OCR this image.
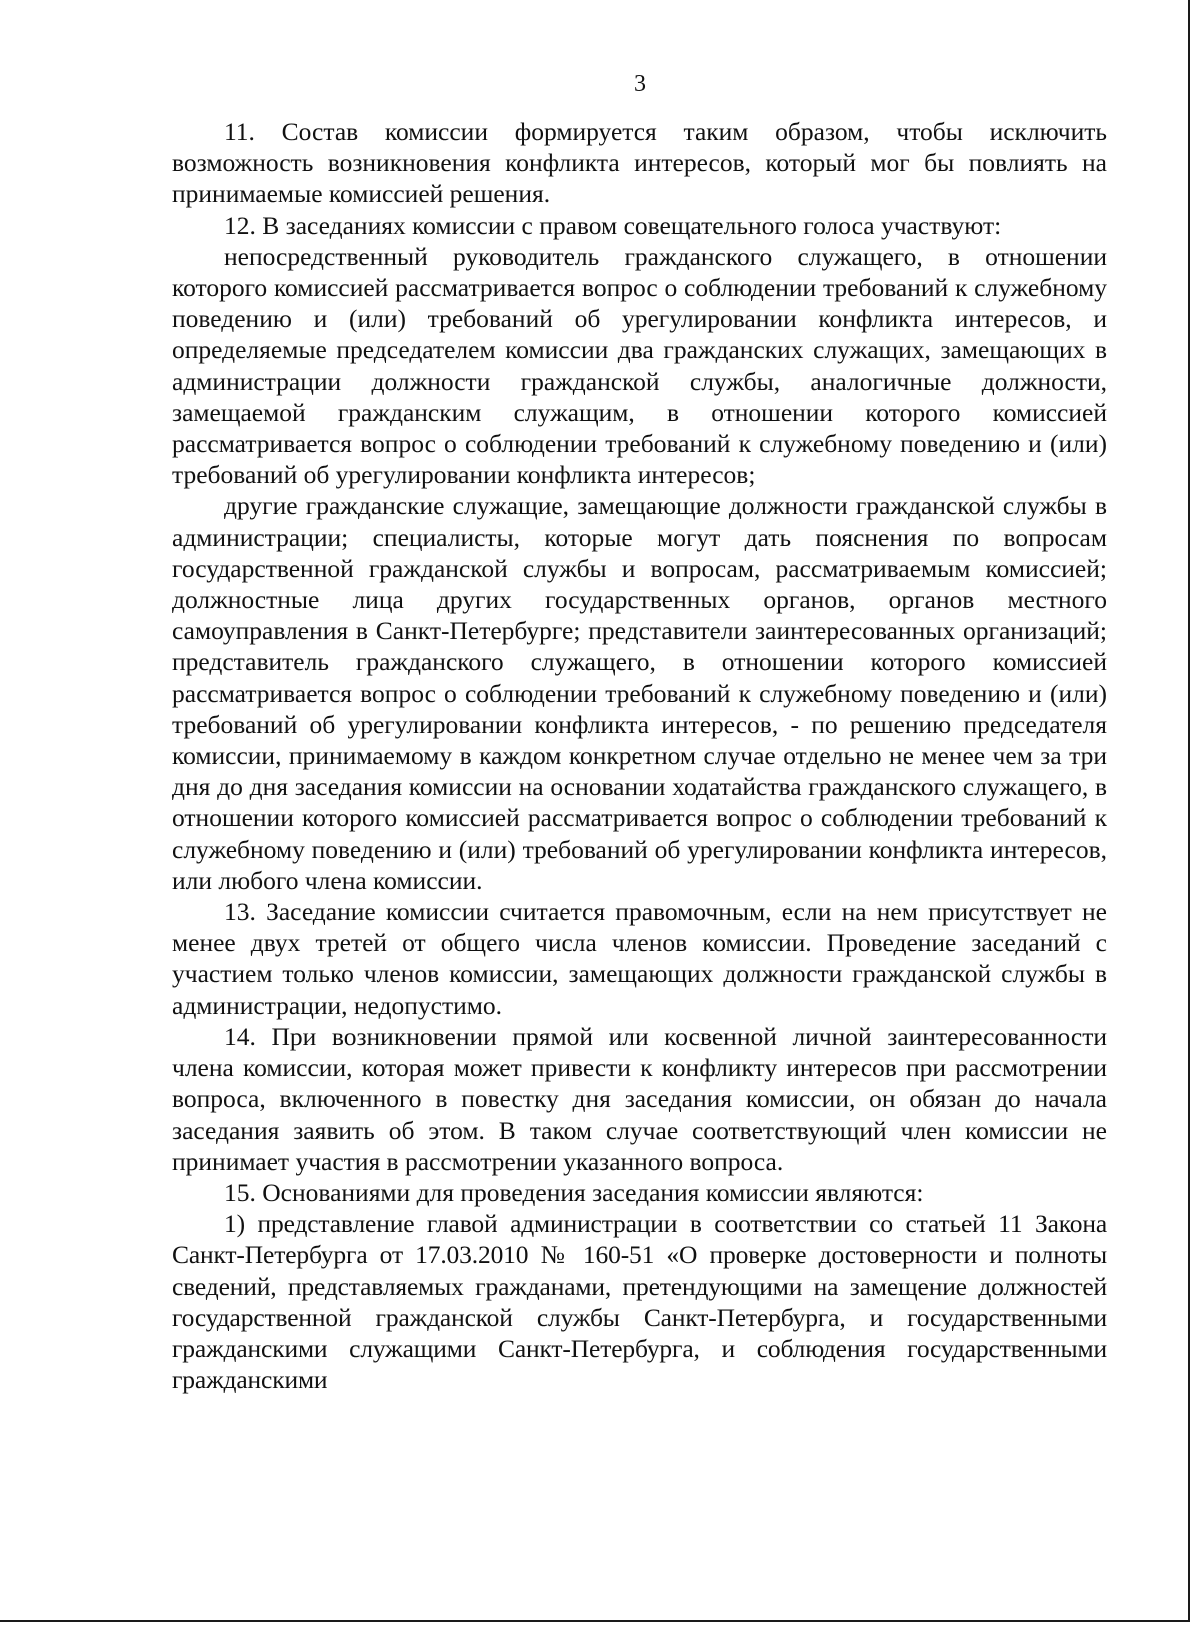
3

11. Состав комиссии формируется таким образом, чтобы исключить возможность возникновения конфликта интересов, который мог бы повлиять на принимаемые комиссией решения.

12. В заседаниях комиссии с правом совещательного голоса участвуют:

непосредственный руководитель гражданского служащего, в отношении которого комиссией рассматривается вопрос о соблюдении требований к служебному поведению и (или) требований об урегулировании конфликта интересов, и определяемые председателем комиссии два гражданских служащих, замещающих в администрации должности гражданской службы, аналогичные должности, замещаемой гражданским служащим, в отношении которого комиссией рассматривается вопрос о соблюдении требований к служебному поведению и (или) требований об урегулировании конфликта интересов;

другие гражданские служащие, замещающие должности гражданской службы в администрации; специалисты, которые могут дать пояснения по вопросам государственной гражданской службы и вопросам, рассматриваемым комиссией; должностные лица других государственных органов, органов местного самоуправления в Санкт-Петербурге; представители заинтересованных организаций; представитель гражданского служащего, в отношении которого комиссией рассматривается вопрос о соблюдении требований к служебному поведению и (или) требований об урегулировании конфликта интересов, - по решению председателя комиссии, принимаемому в каждом конкретном случае отдельно не менее чем за три дня до дня заседания комиссии на основании ходатайства гражданского служащего, в отношении которого комиссией рассматривается вопрос о соблюдении требований к служебному поведению и (или) требований об урегулировании конфликта интересов, или любого члена комиссии.

13. Заседание комиссии считается правомочным, если на нем присутствует не менее двух третей от общего числа членов комиссии. Проведение заседаний с участием только членов комиссии, замещающих должности гражданской службы в администрации, недопустимо.

14. При возникновении прямой или косвенной личной заинтересованности члена комиссии, которая может привести к конфликту интересов при рассмотрении вопроса, включенного в повестку дня заседания комиссии, он обязан до начала заседания заявить об этом. В таком случае соответствующий член комиссии не принимает участия в рассмотрении указанного вопроса.

15. Основаниями для проведения заседания комиссии являются:

1) представление главой администрации в соответствии со статьей 11 Закона Санкт-Петербурга от 17.03.2010 № 160-51 «О проверке достоверности и полноты сведений, представляемых гражданами, претендующими на замещение должностей государственной гражданской службы Санкт-Петербурга, и государственными гражданскими служащими Санкт-Петербурга, и соблюдения государственными гражданскими
